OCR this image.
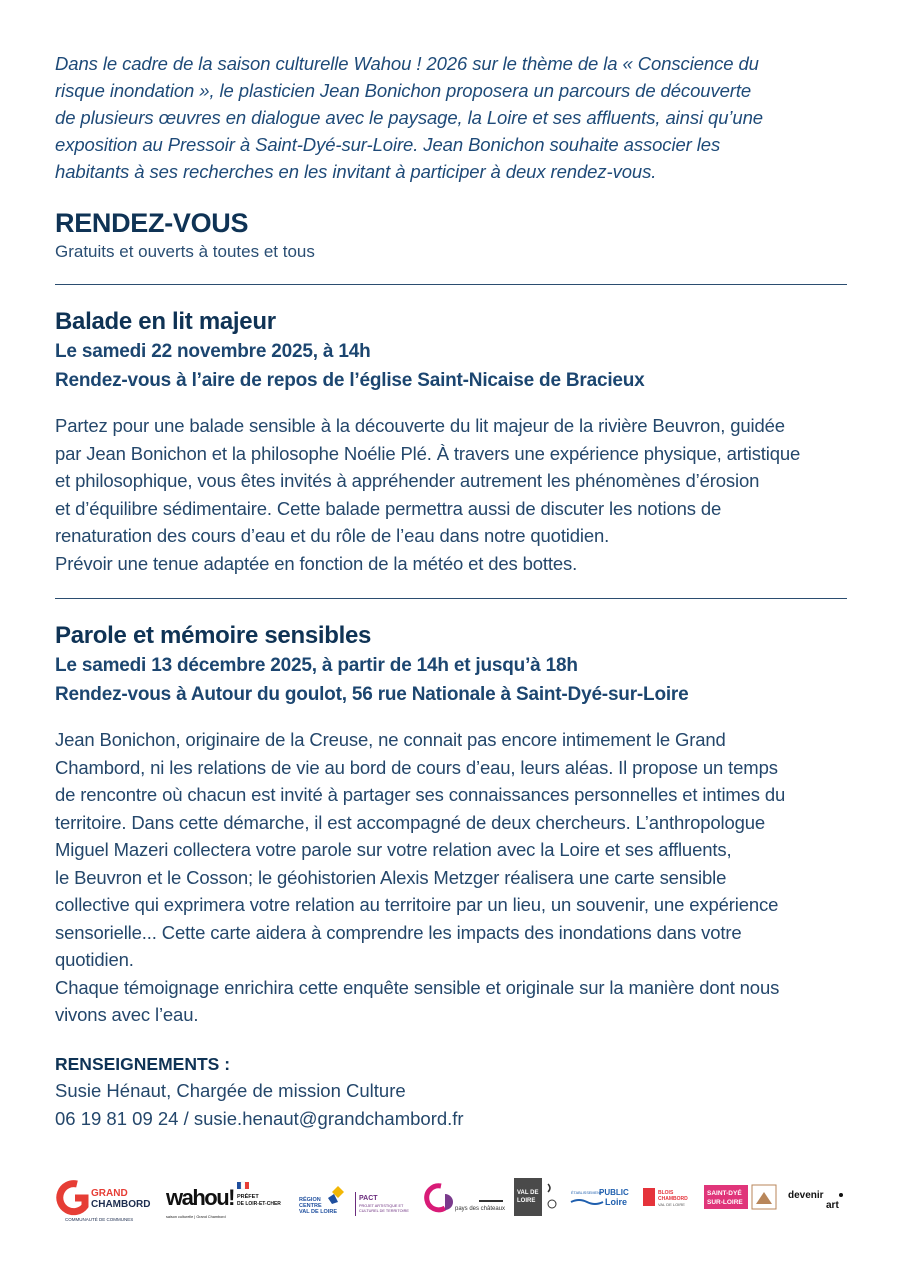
Dans le cadre de la saison culturelle Wahou ! 2026 sur le thème de la « Conscience du
risque inondation », le plasticien Jean Bonichon proposera un parcours de découverte
de plusieurs œuvres en dialogue avec le paysage, la Loire et ses affluents, ainsi qu’une
exposition au Pressoir à Saint-Dyé-sur-Loire. Jean Bonichon souhaite associer les
habitants à ses recherches en les invitant à participer à deux rendez-vous.

RENDEZ-VOUS

Gratuits et ouverts à toutes et tous

Balade en lit majeur

Le samedi 22 novembre 2025, à 14h

Rendez-vous à l’aire de repos de l’église Saint-Nicaise de Bracieux

Partez pour une balade sensible à la découverte du lit majeur de la rivière Beuvron, guidée
par Jean Bonichon et la philosophe Noélie Plé. À travers une expérience physique, artistique
et philosophique, vous êtes invités à appréhender autrement les phénomènes d’érosion
et d’équilibre sédimentaire. Cette balade permettra aussi de discuter les notions de
renaturation des cours d’eau et du rôle de l’eau dans notre quotidien.
Prévoir une tenue adaptée en fonction de la météo et des bottes.

Parole et mémoire sensibles

Le samedi 13 décembre 2025, à partir de 14h et jusqu’à 18h

Rendez-vous à Autour du goulot, 56 rue Nationale à Saint-Dyé-sur-Loire

Jean Bonichon, originaire de la Creuse, ne connait pas encore intimement le Grand
Chambord, ni les relations de vie au bord de cours d’eau, leurs aléas. Il propose un temps
de rencontre où chacun est invité à partager ses connaissances personnelles et intimes du
territoire. Dans cette démarche, il est accompagné de deux chercheurs. L’anthropologue
Miguel Mazeri collectera votre parole sur votre relation avec la Loire et ses affluents,
le Beuvron et le Cosson; le géohistorien Alexis Metzger réalisera une carte sensible
collective qui exprimera votre relation au territoire par un lieu, un souvenir, une expérience
sensorielle... Cette carte aidera à comprendre les impacts des inondations dans votre
quotidien.
Chaque témoignage enrichira cette enquête sensible et originale sur la manière dont nous
vivons avec l’eau.

RENSEIGNEMENTS :

Susie Hénaut, Chargée de mission Culture

06 19 81 09 24 / susie.henaut@grandchambord.fr

GRAND
CHAMBORD
COMMUNAUTÉ DE COMMUNES
wahou!
saison culturelle | Grand Chambord
PRÉFET
DE LOIR-ET-CHER
RÉGION
CENTRE
VAL DE LOIRE
PACT
PROJET ARTISTIQUE ET
CULTUREL DE TERRITOIRE	pays des châteaux
VAL DE
LOIRE
ÉTABLISSEMENT
PUBLIC
Loire
BLOIS
CHAMBORD
VAL DE LOIRE
SAINT-DYÉ
SUR-LOIRE
devenir
art
